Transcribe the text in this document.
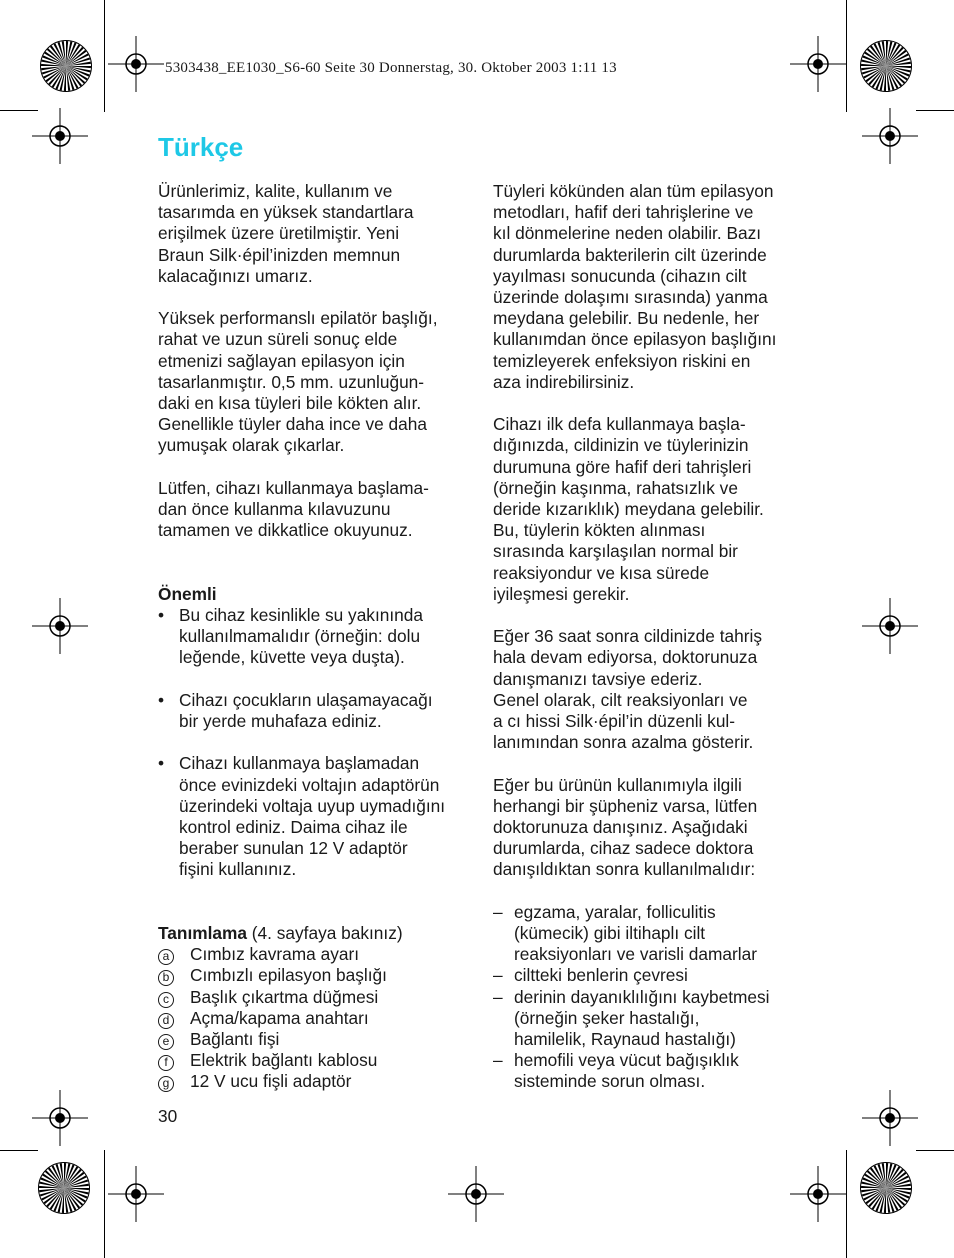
5303438_EE1030_S6-60 Seite 30 Donnerstag, 30. Oktober 2003 1:11 13
Türkçe

Ürünlerimiz, kalite, kullanım ve
tasarımda en yüksek standartlara
erişilmek üzere üretilmiştir. Yeni
Braun Silk·épil’inizden memnun
kalacağınızı umarız.

Yüksek performanslı epilatör başlığı,
rahat ve uzun süreli sonuç elde
etmenizi sağlayan epilasyon için
tasarlanmıştır. 0,5 mm. uzunluğun-
daki en kısa tüyleri bile kökten alır.
Genellikle tüyler daha ince ve daha
yumuşak olarak çıkarlar.

Lütfen, cihazı kullanmaya başlama-
dan önce kullanma kılavuzunu
tamamen ve dikkatlice okuyunuz.

Önemli

• Bu cihaz kesinlikle su yakınında
kullanılmamalıdır (örneğin: dolu
leğende, küvette veya duşta).
• Cihazı çocukların ulaşamayacağı
bir yerde muhafaza ediniz.
• Cihazı kullanmaya başlamadan
önce evinizdeki voltajın adaptörün
üzerindeki voltaja uyup uymadığını
kontrol ediniz. Daima cihaz ile
beraber sunulan 12 V adaptör
fişini kullanınız.

Tanımlama (4. sayfaya bakınız)

a	Cımbız kavrama ayarı
b	Cımbızlı epilasyon başlığı
c	Başlık çıkartma düğmesi
d	Açma/kapama anahtarı
e	Bağlantı fişi
f	Elektrik bağlantı kablosu
g	12 V ucu fişli adaptör

Tüyleri kökünden alan tüm epilasyon
metodları, hafif deri tahrişlerine ve
kıl dönmelerine neden olabilir. Bazı
durumlarda bakterilerin cilt üzerinde
yayılması sonucunda (cihazın cilt
üzerinde dolaşımı sırasında) yanma
meydana gelebilir. Bu nedenle, her
kullanımdan önce epilasyon başlığını
temizleyerek enfeksiyon riskini en
aza indirebilirsiniz.

Cihazı ilk defa kullanmaya başla-
dığınızda, cildinizin ve tüylerinizin
durumuna göre hafif deri tahrişleri
(örneğin kaşınma, rahatsızlık ve
deride kızarıklık) meydana gelebilir.
Bu, tüylerin kökten alınması
sırasında karşılaşılan normal bir
reaksiyondur ve kısa sürede
iyileşmesi gerekir.

Eğer 36 saat sonra cildinizde tahriş
hala devam ediyorsa, doktorunuza
danışmanızı tavsiye ederiz.
Genel olarak, cilt reaksiyonları ve
a cı hissi Silk·épil’in düzenli kul-
lanımından sonra azalma gösterir.

Eğer bu ürünün kullanımıyla ilgili
herhangi bir şüpheniz varsa, lütfen
doktorunuza danışınız. Aşağıdaki
durumlarda, cihaz sadece doktora
danışıldıktan sonra kullanılmalıdır:

– egzama, yaralar, folliculitis
(kümecik) gibi iltihaplı cilt
reaksiyonları ve varisli damarlar
– ciltteki benlerin çevresi
– derinin dayanıklılığını kaybetmesi
(örneğin şeker hastalığı,
hamilelik, Raynaud hastalığı)
– hemofili veya vücut bağışıklık
sisteminde sorun olması.
30
